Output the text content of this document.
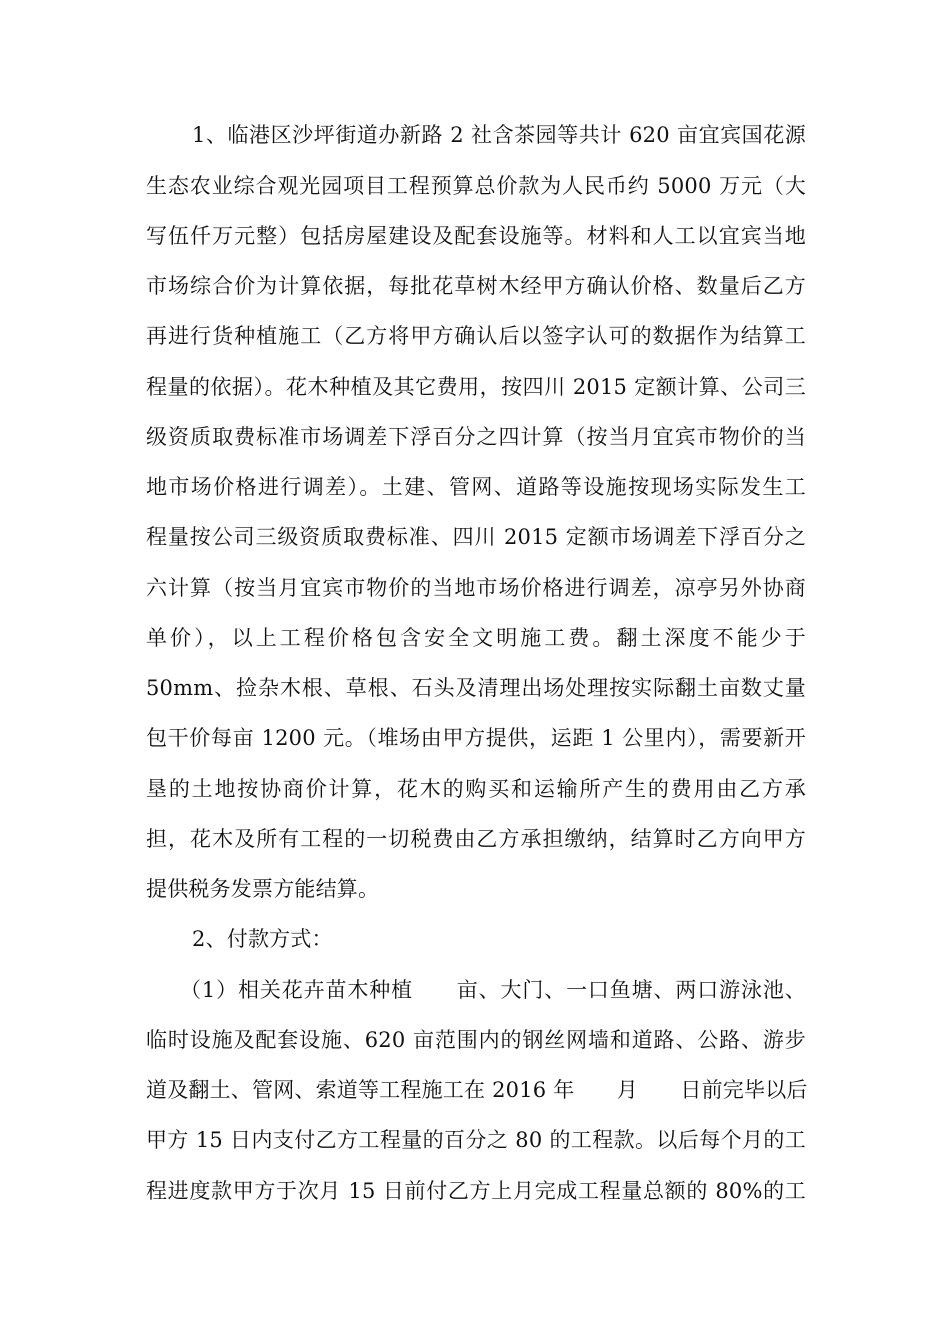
1、临港区沙坪街道办新路 2 社含茶园等共计 620 亩宜宾国花源
生态农业综合观光园项目工程预算总价款为人民币约 5000 万元（大
写伍仟万元整）包括房屋建设及配套设施等。材料和人工以宜宾当地
市场综合价为计算依据，每批花草树木经甲方确认价格、数量后乙方
再进行货种植施工（乙方将甲方确认后以签字认可的数据作为结算工
程量的依据）。花木种植及其它费用，按四川 2015 定额计算、公司三
级资质取费标准市场调差下浮百分之四计算（按当月宜宾市物价的当
地市场价格进行调差）。土建、管网、道路等设施按现场实际发生工
程量按公司三级资质取费标准、四川 2015 定额市场调差下浮百分之
六计算（按当月宜宾市物价的当地市场价格进行调差，凉亭另外协商
单价），以上工程价格包含安全文明施工费。翻土深度不能少于
50mm、捡杂木根、草根、石头及清理出场处理按实际翻土亩数丈量
包干价每亩 1200 元。（堆场由甲方提供，运距 1 公里内），需要新开
垦的土地按协商价计算，花木的购买和运输所产生的费用由乙方承
担，花木及所有工程的一切税费由乙方承担缴纳，结算时乙方向甲方
提供税务发票方能结算。
2、付款方式：
（1）相关花卉苗木种植　　亩、大门、一口鱼塘、两口游泳池、
临时设施及配套设施、620 亩范围内的钢丝网墙和道路、公路、游步
道及翻土、管网、索道等工程施工在 2016 年　　月　　日前完毕以后
甲方 15 日内支付乙方工程量的百分之 80 的工程款。以后每个月的工
程进度款甲方于次月 15 日前付乙方上月完成工程量总额的 80%的工
